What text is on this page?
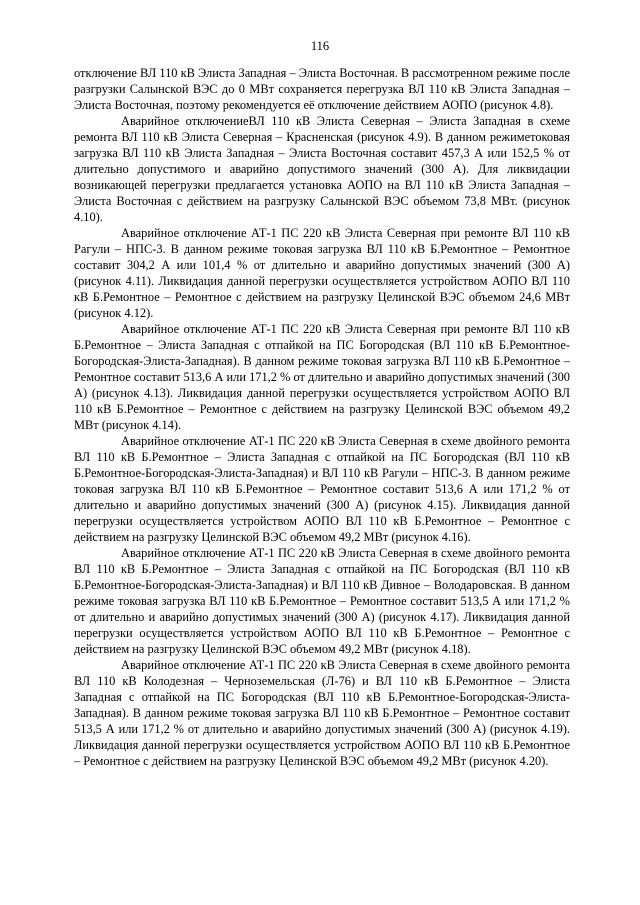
116

отключение ВЛ 110 кВ Элиста Западная – Элиста Восточная. В рассмотренном режиме после разгрузки Салынской ВЭС до 0 МВт сохраняется перегрузка ВЛ 110 кВ Элиста Западная – Элиста Восточная, поэтому рекомендуется её отключение действием АОПО (рисунок 4.8).

Аварийное отключениеВЛ 110 кВ Элиста Северная – Элиста Западная в схеме ремонта ВЛ 110 кВ Элиста Северная – Красненская (рисунок 4.9). В данном режиметоковая загрузка ВЛ 110 кВ Элиста Западная – Элиста Восточная составит 457,3 А или 152,5 % от длительно допустимого и аварийно допустимого значений (300 А). Для ликвидации возникающей перегрузки предлагается установка АОПО на ВЛ 110 кВ Элиста Западная – Элиста Восточная с действием на разгрузку Салынской ВЭС объемом 73,8 МВт. (рисунок 4.10).

Аварийное отключение АТ-1 ПС 220 кВ Элиста Северная при ремонте ВЛ 110 кВ Рагули – НПС-3. В данном режиме токовая загрузка ВЛ 110 кВ Б.Ремонтное – Ремонтное составит 304,2 А или 101,4 % от длительно и аварийно допустимых значений (300 А) (рисунок 4.11). Ликвидация данной перегрузки осуществляется устройством АОПО ВЛ 110 кВ Б.Ремонтное – Ремонтное с действием на разгрузку Целинской ВЭС объемом 24,6 МВт (рисунок 4.12).

Аварийное отключение АТ-1 ПС 220 кВ Элиста Северная при ремонте ВЛ 110 кВ Б.Ремонтное – Элиста Западная с отпайкой на ПС Богородская (ВЛ 110 кВ Б.Ремонтное-Богородская-Элиста-Западная). В данном режиме токовая загрузка ВЛ 110 кВ Б.Ремонтное – Ремонтное составит 513,6 А или 171,2 % от длительно и аварийно допустимых значений (300 А) (рисунок 4.13). Ликвидация данной перегрузки осуществляется устройством АОПО ВЛ 110 кВ Б.Ремонтное – Ремонтное с действием на разгрузку Целинской ВЭС объемом 49,2 МВт (рисунок 4.14).

Аварийное отключение АТ-1 ПС 220 кВ Элиста Северная в схеме двойного ремонта ВЛ 110 кВ Б.Ремонтное – Элиста Западная с отпайкой на ПС Богородская (ВЛ 110 кВ Б.Ремонтное-Богородская-Элиста-Западная) и ВЛ 110 кВ Рагули – НПС-3. В данном режиме токовая загрузка ВЛ 110 кВ Б.Ремонтное – Ремонтное составит 513,6 А или 171,2 % от длительно и аварийно допустимых значений (300 А) (рисунок 4.15). Ликвидация данной перегрузки осуществляется устройством АОПО ВЛ 110 кВ Б.Ремонтное – Ремонтное с действием на разгрузку Целинской ВЭС объемом 49,2 МВт (рисунок 4.16).

Аварийное отключение АТ-1 ПС 220 кВ Элиста Северная в схеме двойного ремонта ВЛ 110 кВ Б.Ремонтное – Элиста Западная с отпайкой на ПС Богородская (ВЛ 110 кВ Б.Ремонтное-Богородская-Элиста-Западная) и ВЛ 110 кВ Дивное – Володаровская. В данном режиме токовая загрузка ВЛ 110 кВ Б.Ремонтное – Ремонтное составит 513,5 А или 171,2 % от длительно и аварийно допустимых значений (300 А) (рисунок 4.17). Ликвидация данной перегрузки осуществляется устройством АОПО ВЛ 110 кВ Б.Ремонтное – Ремонтное с действием на разгрузку Целинской ВЭС объемом 49,2 МВт (рисунок 4.18).

Аварийное отключение АТ-1 ПС 220 кВ Элиста Северная в схеме двойного ремонта ВЛ 110 кВ Колодезная – Черноземельская (Л-76) и ВЛ 110 кВ Б.Ремонтное – Элиста Западная с отпайкой на ПС Богородская (ВЛ 110 кВ Б.Ремонтное-Богородская-Элиста-Западная). В данном режиме токовая загрузка ВЛ 110 кВ Б.Ремонтное – Ремонтное составит 513,5 А или 171,2 % от длительно и аварийно допустимых значений (300 А) (рисунок 4.19). Ликвидация данной перегрузки осуществляется устройством АОПО ВЛ 110 кВ Б.Ремонтное – Ремонтное с действием на разгрузку Целинской ВЭС объемом 49,2 МВт (рисунок 4.20).
